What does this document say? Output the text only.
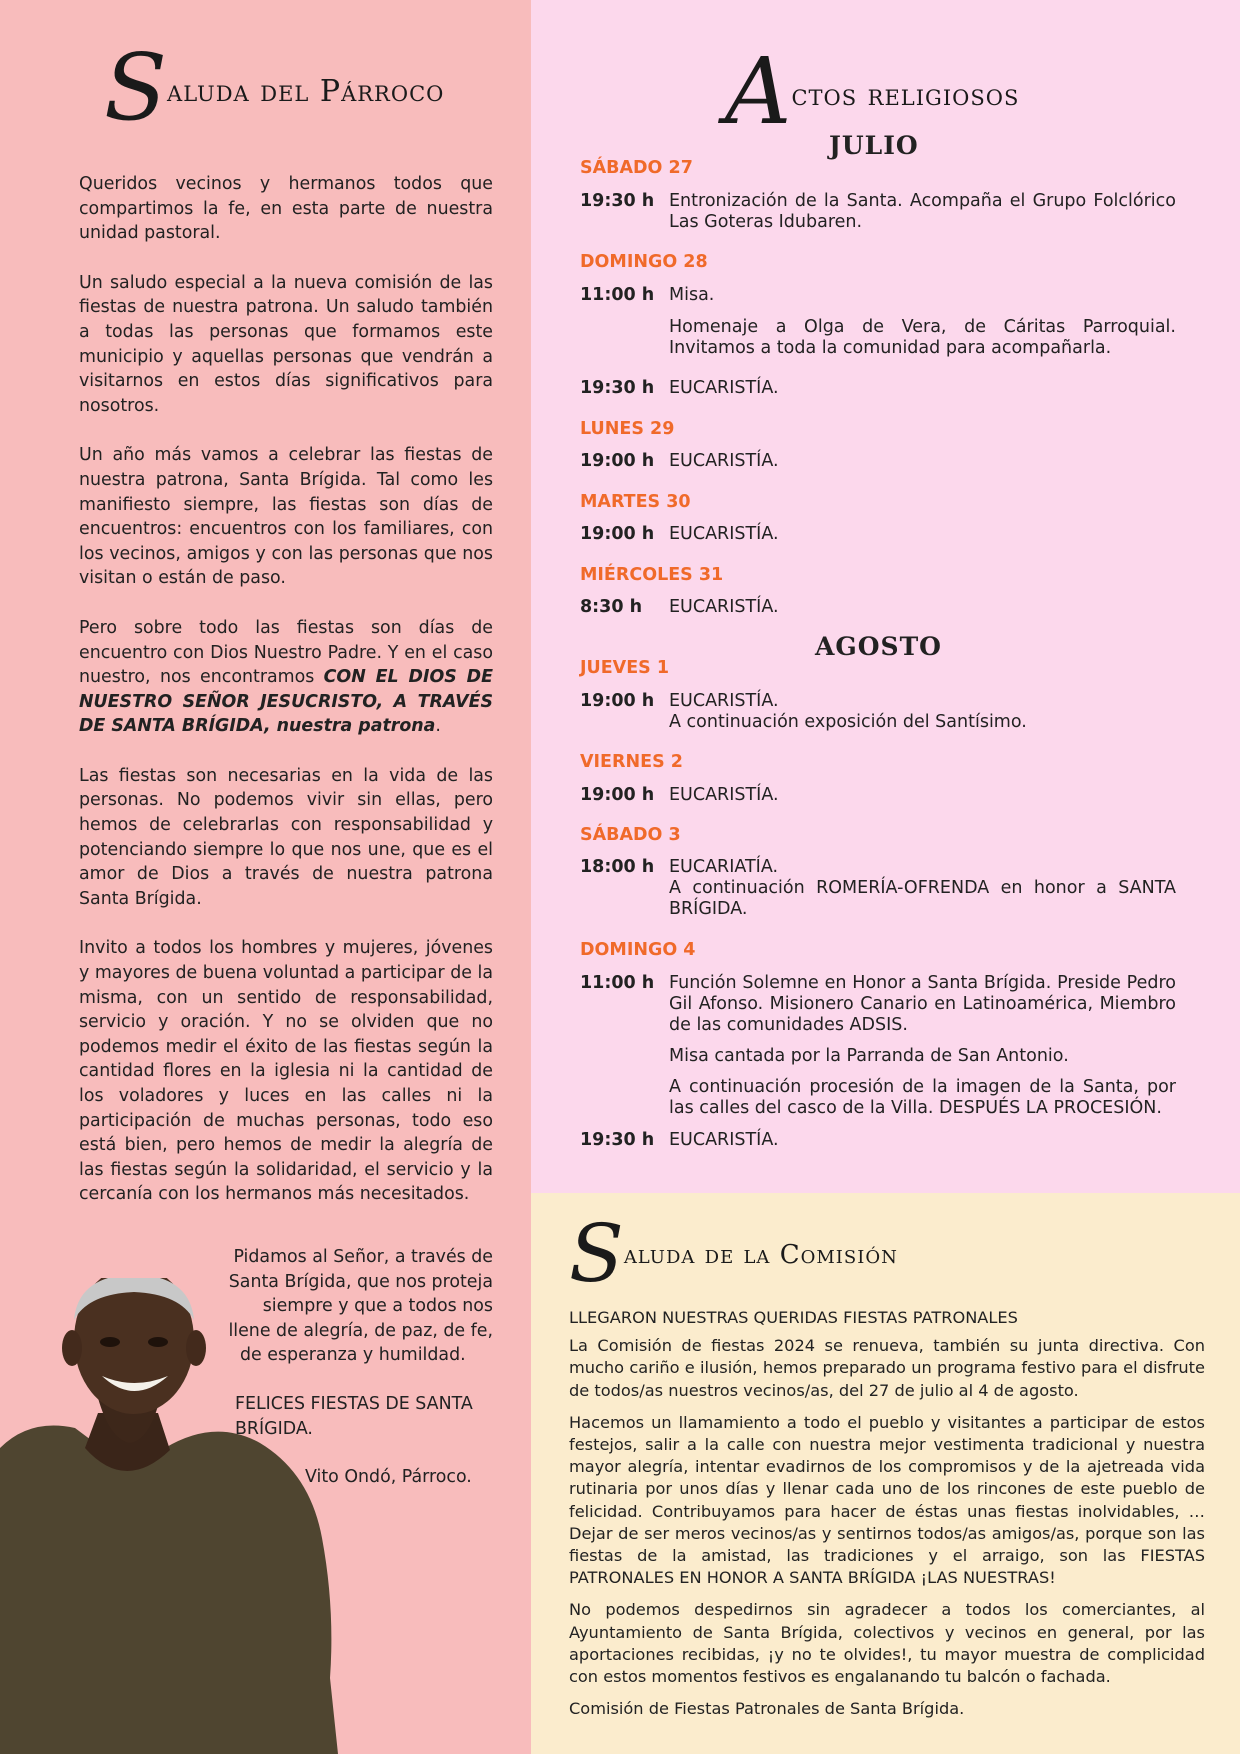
Saluda del Párroco

Queridos vecinos y hermanos todos que compartimos la fe, en esta parte de nuestra unidad pastoral.

Un saludo especial a la nueva comisión de las fiestas de nuestra patrona. Un saludo también a todas las personas que formamos este municipio y aquellas personas que vendrán a visitarnos en estos días significativos para nosotros.

Un año más vamos a celebrar las fiestas de nuestra patrona, Santa Brígida. Tal como les manifiesto siempre, las fiestas son días de encuentros: encuentros con los familiares, con los vecinos, amigos y con las personas que nos visitan o están de paso.

Pero sobre todo las fiestas son días de encuentro con Dios Nuestro Padre. Y en el caso nuestro, nos encontramos CON EL DIOS DE NUESTRO SEÑOR JESUCRISTO, A TRAVÉS DE SANTA BRÍGIDA, nuestra patrona.

Las fiestas son necesarias en la vida de las personas. No podemos vivir sin ellas, pero hemos de celebrarlas con responsabilidad y potenciando siempre lo que nos une, que es el amor de Dios a través de nuestra patrona Santa Brígida.

Invito a todos los hombres y mujeres, jóvenes y mayores de buena voluntad a participar de la misma, con un sentido de responsabilidad, servicio y oración. Y no se olviden que no podemos medir el éxito de las fiestas según la cantidad flores en la iglesia ni la cantidad de los voladores y luces en las calles ni la participación de muchas personas, todo eso está bien, pero hemos de medir la alegría de las fiestas según la solidaridad, el servicio y la cercanía con los hermanos más necesitados.

Pidamos al Señor, a través de

Santa Brígida, que nos proteja

siempre y que a todos nos

llene de alegría, de paz, de fe,

de esperanza y humildad.

FELICES FIESTAS DE SANTA

BRÍGIDA.

Vito Ondó, Párroco.

Actos religiosos
JULIO
SÁBADO 27
19:30 h Entronización de la Santa. Acompaña el Grupo Folclórico Las Goteras Idubaren.

DOMINGO 28
11:00 h Misa.

Homenaje a Olga de Vera, de Cáritas Parroquial. Invitamos a toda la comunidad para acompañarla.

19:30 h EUCARISTÍA.

LUNES 29
19:00 h EUCARISTÍA.

MARTES 30
19:00 h EUCARISTÍA.

MIÉRCOLES 31
8:30 h EUCARISTÍA.

AGOSTO
JUEVES 1
19:00 h EUCARISTÍA.
A continuación exposición del Santísimo.

VIERNES 2
19:00 h EUCARISTÍA.

SÁBADO 3
18:00 h EUCARIATÍA.
A continuación ROMERÍA-OFRENDA en honor a SANTA BRÍGIDA.

DOMINGO 4
11:00 h Función Solemne en Honor a Santa Brígida. Preside Pedro Gil Afonso. Misionero Canario en Latinoamérica, Miembro de las comunidades ADSIS.

Misa cantada por la Parranda de San Antonio.

A continuación procesión de la imagen de la Santa, por las calles del casco de la Villa. DESPUÉS LA PROCESIÓN.

19:30 h EUCARISTÍA.

Saluda de la Comisión

LLEGARON NUESTRAS QUERIDAS FIESTAS PATRONALES

La Comisión de fiestas 2024 se renueva, también su junta directiva. Con mucho cariño e ilusión, hemos preparado un programa festivo para el disfrute de todos/as nuestros vecinos/as, del 27 de julio al 4 de agosto.

Hacemos un llamamiento a todo el pueblo y visitantes a participar de estos festejos, salir a la calle con nuestra mejor vestimenta tradicional y nuestra mayor alegría, intentar evadirnos de los compromisos y de la ajetreada vida rutinaria por unos días y llenar cada uno de los rincones de este pueblo de felicidad. Contribuyamos para hacer de éstas unas fiestas inolvidables, …Dejar de ser meros vecinos/as y sentirnos todos/as amigos/as, porque son las fiestas de la amistad, las tradiciones y el arraigo, son las FIESTAS PATRONALES EN HONOR A SANTA BRÍGIDA ¡LAS NUESTRAS!

No podemos despedirnos sin agradecer a todos los comerciantes, al Ayuntamiento de Santa Brígida, colectivos y vecinos en general, por las aportaciones recibidas, ¡y no te olvides!, tu mayor muestra de complicidad con estos momentos festivos es engalanando tu balcón o fachada.

Comisión de Fiestas Patronales de Santa Brígida.
